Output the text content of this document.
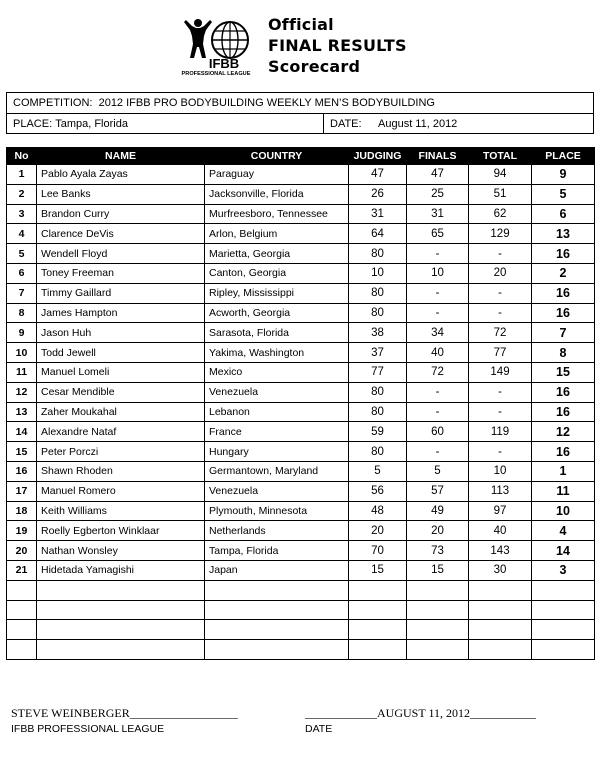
IFBB
PROFESSIONAL LEAGUE
Official
FINAL RESULTS
Scorecard
COMPETITION:
2012 IFBB PRO BODYBUILDING WEEKLY MEN’S BODYBUILDING
PLACE:
Tampa, Florida	DATE:	August 11, 2012
No	NAME	COUNTRY	JUDGING	FINALS	TOTAL	PLACE
1	Pablo Ayala Zayas	Paraguay	47	47	94	9
2	Lee Banks	Jacksonville, Florida	26	25	51	5
3	Brandon Curry	Murfreesboro, Tennessee	31	31	62	6
4	Clarence DeVis	Arlon, Belgium	64	65	129	13
5	Wendell Floyd	Marietta, Georgia	80	-	-	16
6	Toney Freeman	Canton, Georgia	10	10	20	2
7	Timmy Gaillard	Ripley, Mississippi	80	-	-	16
8	James Hampton	Acworth, Georgia	80	-	-	16
9	Jason Huh	Sarasota, Florida	38	34	72	7
10	Todd Jewell	Yakima, Washington	37	40	77	8
11	Manuel Lomeli	Mexico	77	72	149	15
12	Cesar Mendible	Venezuela	80	-	-	16
13	Zaher Moukahal	Lebanon	80	-	-	16
14	Alexandre Nataf	France	59	60	119	12
15	Peter Porczi	Hungary	80	-	-	16
16	Shawn Rhoden	Germantown, Maryland	5	5	10	1
17	Manuel Romero	Venezuela	56	57	113	11
18	Keith Williams	Plymouth, Minnesota	48	49	97	10
19	Roelly Egberton Winklaar	Netherlands	20	20	40	4
20	Nathan Wonsley	Tampa, Florida	70	73	143	14
21	Hidetada Yamagishi	Japan	15	15	30	3

STEVE WEINBERGER__________________
IFBB PROFESSIONAL LEAGUE
____________AUGUST 11, 2012___________
DATE
